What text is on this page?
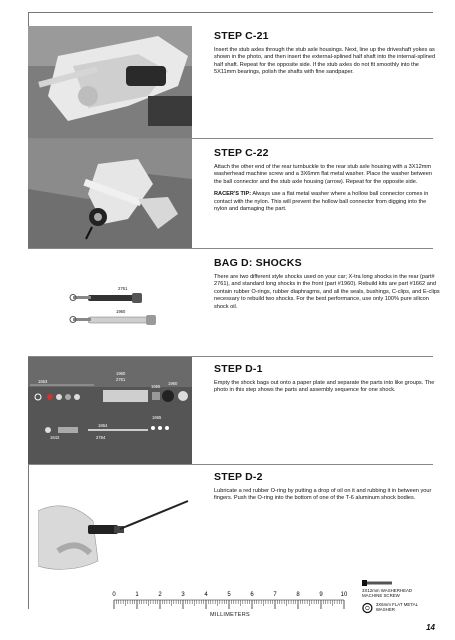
STEP C-21

Insert the stub axles through the stub axle housings. Next, line up the driveshaft yokes as shown in the photo, and then insert the external-splined half shaft into the internal-splined half shaft. Repeat for the opposite side. If the stub axles do not fit smoothly into the 5X11mm bearings, polish the shafts with fine sandpaper.

STEP C-22

Attach the other end of the rear turnbuckle to the rear stub axle housing with a 3X12mm washerhead machine screw and a 3X6mm flat metal washer. Place the washer between the ball connector and the stub axle housing (arrow). Repeat for the opposite side.

RACER'S TIP: Always use a flat metal washer where a hollow ball connector comes in contact with the nylon. This will prevent the hollow ball connector from digging into the nylon and damaging the part.

2761
1960
BAG D: SHOCKS

There are two different style shocks used on your car; X-tra long shocks in the rear (part# 2761), and standard long shocks in the front (part #1960). Rebuild kits are part #1662 and contain rubber O-rings, rubber diaphragms, and all the seals, bushings, C-clips, and E-clips necessary to rebuild two shocks. For the best performance, use only 100% pure silicon shock oil.

1960
2761
1663
1665
1960
1665
1664
2764
1642
STEP D-1

Empty the shock bags out onto a paper plate and separate the parts into like groups. The photo in this step shows the parts and assembly sequence for one shock.

STEP D-2

Lubricate a red rubber O-ring by putting a drop of oil on it and rubbing it in between your fingers. Push the O-ring into the bottom of one of the T-6 aluminum shock bodies.

0	1	2	3	4	5	6	7	8	9	10
MILLIMETERS
3X12mm WASHERHEAD MACHINE SCREW
3X6mm FLAT METAL WASHER
14
